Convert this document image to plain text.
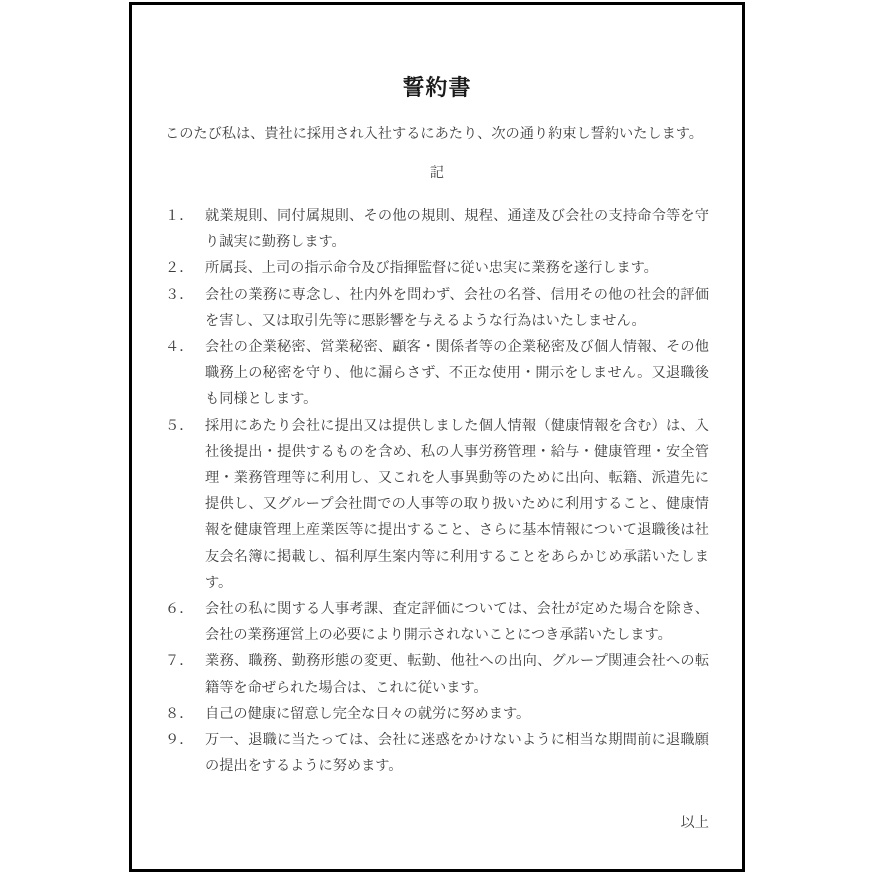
誓約書

このたび私は、貴社に採用され入社するにあたり、次の通り約束し誓約いたします。

記

１． 就業規則、同付属規則、その他の規則、規程、通達及び会社の支持命令等を守り誠実に勤務します。
２． 所属長、上司の指示命令及び指揮監督に従い忠実に業務を遂行します。
３． 会社の業務に専念し、社内外を問わず、会社の名誉、信用その他の社会的評価を害し、又は取引先等に悪影響を与えるような行為はいたしません。
４． 会社の企業秘密、営業秘密、顧客・関係者等の企業秘密及び個人情報、その他職務上の秘密を守り、他に漏らさず、不正な使用・開示をしません。又退職後も同様とします。
５． 採用にあたり会社に提出又は提供しました個人情報（健康情報を含む）は、入社後提出・提供するものを含め、私の人事労務管理・給与・健康管理・安全管理・業務管理等に利用し、又これを人事異動等のために出向、転籍、派遣先に提供し、又グループ会社間での人事等の取り扱いために利用すること、健康情報を健康管理上産業医等に提出すること、さらに基本情報について退職後は社友会名簿に掲載し、福利厚生案内等に利用することをあらかじめ承諾いたします。
６． 会社の私に関する人事考課、査定評価については、会社が定めた場合を除き、会社の業務運営上の必要により開示されないことにつき承諾いたします。
７． 業務、職務、勤務形態の変更、転勤、他社への出向、グループ関連会社への転籍等を命ぜられた場合は、これに従います。
８． 自己の健康に留意し完全な日々の就労に努めます。
９． 万一、退職に当たっては、会社に迷惑をかけないように相当な期間前に退職願の提出をするように努めます。

以上
